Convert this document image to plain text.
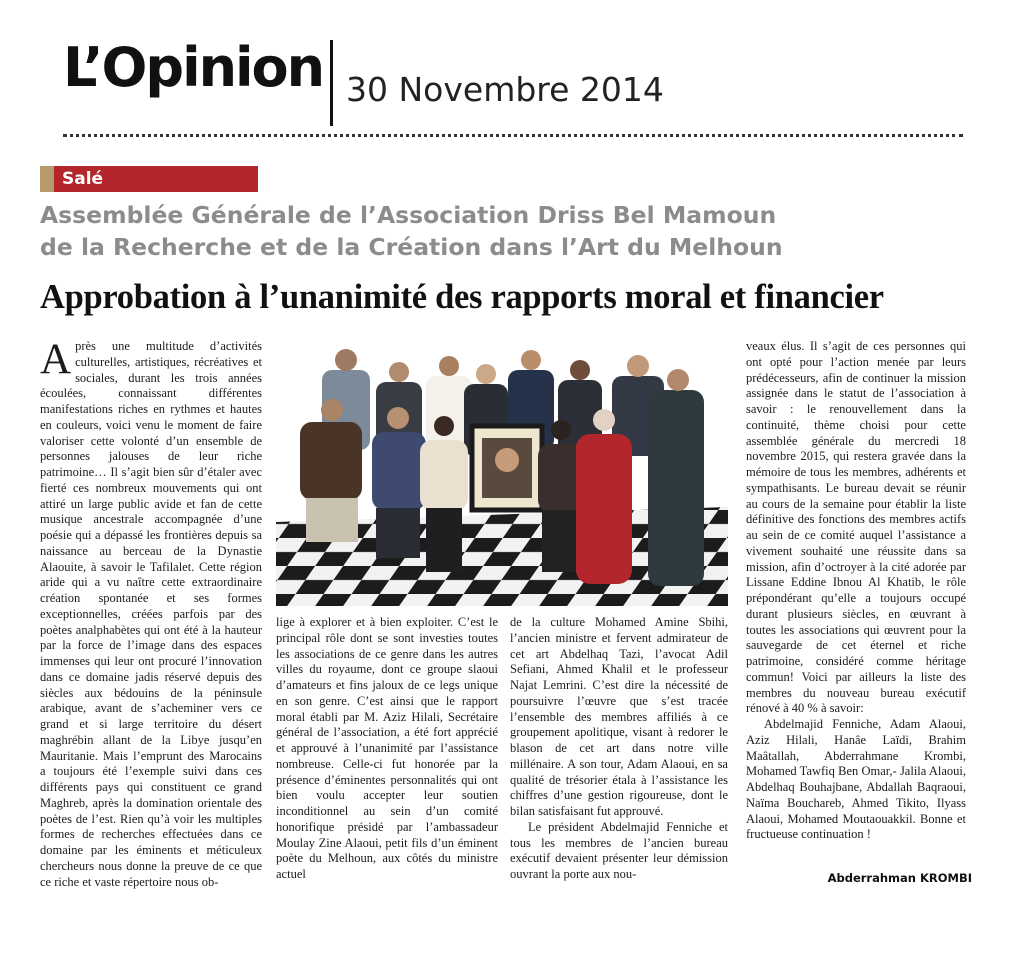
L’Opinion 30 Novembre 2014
Salé
Assemblée Générale de l’Association Driss Bel Mamoun
de la Recherche et de la Création dans l’Art du Melhoun
Approbation à l’unanimité des rapports moral et financier

Après une multitude d’activités culturelles, artistiques, récréatives et sociales, durant les trois années écoulées, connaissant différentes manifestations riches en rythmes et hautes en couleurs, voici venu le moment de faire valoriser cette volonté d’un ensemble de personnes jalouses de leur riche patrimoine… Il s’agit bien sûr d’étaler avec fierté ces nombreux mouvements qui ont attiré un large public avide et fan de cette musique ancestrale accompagnée d’une poésie qui a dépassé les frontières depuis sa naissance au berceau de la Dynastie Alaouite, à savoir le Tafilalet. Cette région aride qui a vu naître cette extraordinaire création spontanée et ses formes exceptionnelles, créées parfois par des poètes analphabètes qui ont été à la hauteur par la force de l’image dans des espaces immenses qui leur ont procuré l’innovation dans ce domaine jadis réservé depuis des siècles aux bédouins de la péninsule arabique, avant de s’acheminer vers ce grand et si large territoire du désert maghrébin allant de la Libye jusqu’en Mauritanie. Mais l’emprunt des Marocains a toujours été l’exemple suivi dans ces différents pays qui constituent ce grand Maghreb, après la domination orientale des poètes de l’est. Rien qu’à voir les multiples formes de recherches effectuées dans ce domaine par les éminents et méticuleux chercheurs nous donne la preuve de ce que ce riche et vaste répertoire nous ob-

lige à explorer et à bien exploiter. C’est le principal rôle dont se sont investies toutes les associations de ce genre dans les autres villes du royaume, dont ce groupe slaoui d’amateurs et fins jaloux de ce legs unique en son genre. C’est ainsi que le rapport moral établi par M. Aziz Hilali, Secrétaire général de l’association, a été fort apprécié et approuvé à l’unanimité par l’assistance nombreuse. Celle-ci fut honorée par la présence d’éminentes personnalités qui ont bien voulu accepter leur soutien inconditionnel au sein d’un comité honorifique présidé par l’ambassadeur Moulay Zine Alaoui, petit fils d’un éminent poète du Melhoun, aux côtés du ministre actuel

de la culture Mohamed Amine Sbihi, l’ancien ministre et fervent admirateur de cet art Abdelhaq Tazi, l’avocat Adil Sefiani, Ahmed Khalil et le professeur Najat Lemrini. C’est dire la nécessité de poursuivre l’œuvre que s’est tracée l’ensemble des membres affiliés à ce groupement apolitique, visant à redorer le blason de cet art dans notre ville millénaire. A son tour, Adam Alaoui, en sa qualité de trésorier étala à l’assistance les chiffres d’une gestion rigoureuse, dont le bilan satisfaisant fut approuvé.

Le président Abdelmajid Fenniche et tous les membres de l’ancien bureau exécutif devaient présenter leur démission ouvrant la porte aux nou-

veaux élus. Il s’agit de ces personnes qui ont opté pour l’action menée par leurs prédécesseurs, afin de continuer la mission assignée dans le statut de l’association à savoir : le renouvellement dans la continuité, thème choisi pour cette assemblée générale du mercredi 18 novembre 2015, qui restera gravée dans la mémoire de tous les membres, adhérents et sympathisants. Le bureau devait se réunir au cours de la semaine pour établir la liste définitive des fonctions des membres actifs au sein de ce comité auquel l’assistance a vivement souhaité une réussite dans sa mission, afin d’octroyer à la cité adorée par Lissane Eddine Ibnou Al Khatib, le rôle prépondérant qu’elle a toujours occupé durant plusieurs siècles, en œuvrant à toutes les associations qui œuvrent pour la sauvegarde de cet éternel et riche patrimoine, considéré comme héritage commun! Voici par ailleurs la liste des membres du nouveau bureau exécutif rénové à 40 % à savoir:

Abdelmajid Fenniche, Adam Alaoui, Aziz Hilali, Hanâe Laïdi, Brahim Maâtallah, Abderrahmane Krombi, Mohamed Tawfiq Ben Omar,- Jalila Alaoui, Abdelhaq Bouhajbane, Abdallah Baqraoui, Naïma Bouchareb, Ahmed Tikito, Ilyass Alaoui, Mohamed Moutaouakkil. Bonne et fructueuse continuation !

Abderrahman KROMBI
